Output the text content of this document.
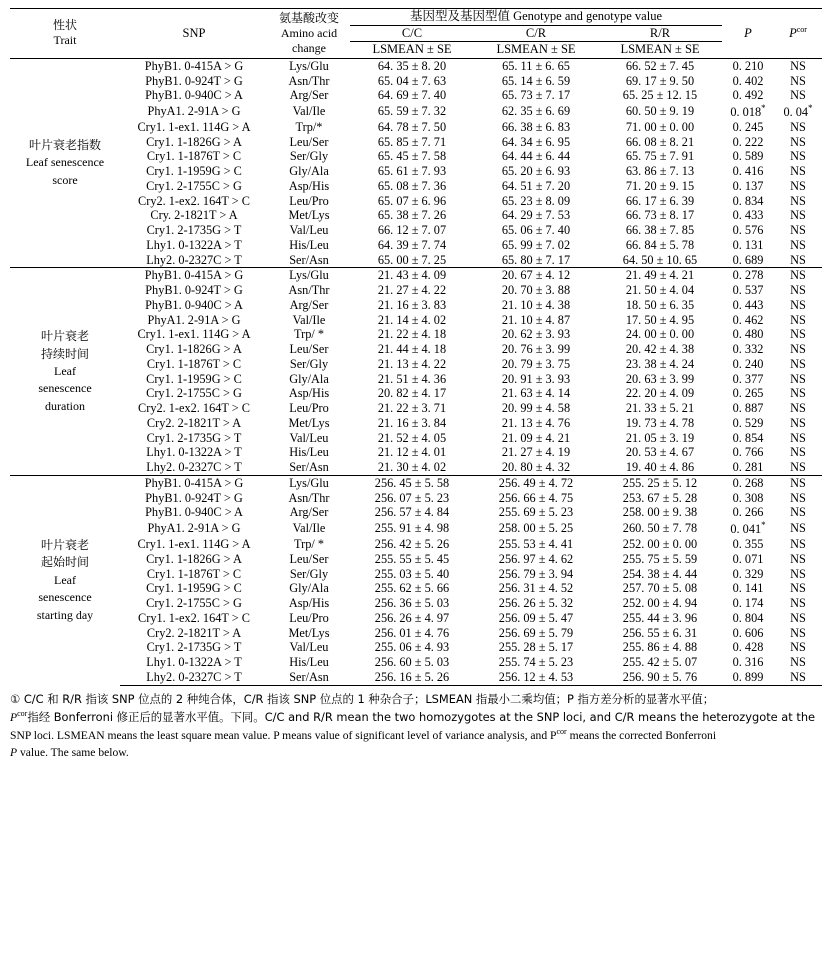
性状
Trait
	SNP	
氨基酸改变
Amino acid
change
	基因型及基因型值 Genotype and genotype value	P	$P^{cor}$
			C/C	C/R	R/R		
			LSMEAN ± SE	LSMEAN ± SE	LSMEAN ± SE		

叶片衰老指数
Leaf senescence
score	PhyB1. 0-415A > G	Lys/Glu	64. 35 ± 8. 20	65. 11 ± 6. 65	66. 52 ± 7. 45	0. 210	NS
	PhyB1. 0-924T > G	Asn/Thr	65. 04 ± 7. 63	65. 14 ± 6. 59	69. 17 ± 9. 50	0. 402	NS
	PhyB1. 0-940C > A	Arg/Ser	64. 69 ± 7. 40	65. 73 ± 7. 17	65. 25 ± 12. 15	0. 492	NS
	PhyA1. 2-91A > G	Val/Ile	65. 59 ± 7. 32	62. 35 ± 6. 69	60. 50 ± 9. 19	0. 018*	0. 04*
	Cry1. 1-ex1. 114G > A	Trp/*	64. 78 ± 7. 50	66. 38 ± 6. 83	71. 00 ± 0. 00	0. 245	NS
	Cry1. 1-1826G > A	Leu/Ser	65. 85 ± 7. 71	64. 34 ± 6. 95	66. 08 ± 8. 21	0. 222	NS
	Cry1. 1-1876T > C	Ser/Gly	65. 45 ± 7. 58	64. 44 ± 6. 44	65. 75 ± 7. 91	0. 589	NS
	Cry1. 1-1959G > C	Gly/Ala	65. 61 ± 7. 93	65. 20 ± 6. 93	63. 86 ± 7. 13	0. 416	NS
	Cry1. 2-1755C > G	Asp/His	65. 08 ± 7. 36	64. 51 ± 7. 20	71. 20 ± 9. 15	0. 137	NS
	Cry2. 1-ex2. 164T > C	Leu/Pro	65. 07 ± 6. 96	65. 23 ± 8. 09	66. 17 ± 6. 39	0. 834	NS
	Cry. 2-1821T > A	Met/Lys	65. 38 ± 7. 26	64. 29 ± 7. 53	66. 73 ± 8. 17	0. 433	NS
	Cry1. 2-1735G > T	Val/Leu	66. 12 ± 7. 07	65. 06 ± 7. 40	66. 38 ± 7. 85	0. 576	NS
	Lhy1. 0-1322A > T	His/Leu	64. 39 ± 7. 74	65. 99 ± 7. 02	66. 84 ± 5. 78	0. 131	NS
	Lhy2. 0-2327C > T	Ser/Asn	65. 00 ± 7. 25	65. 80 ± 7. 17	64. 50 ± 10. 65	0. 689	NS

叶片衰老
持续时间
Leaf
senescence
duration	PhyB1. 0-415A > G	Lys/Glu	21. 43 ± 4. 09	20. 67 ± 4. 12	21. 49 ± 4. 21	0. 278	NS
	PhyB1. 0-924T > G	Asn/Thr	21. 27 ± 4. 22	20. 70 ± 3. 88	21. 50 ± 4. 04	0. 537	NS
	PhyB1. 0-940C > A	Arg/Ser	21. 16 ± 3. 83	21. 10 ± 4. 38	18. 50 ± 6. 35	0. 443	NS
	PhyA1. 2-91A > G	Val/Ile	21. 14 ± 4. 02	21. 10 ± 4. 87	17. 50 ± 4. 95	0. 462	NS
	Cry1. 1-ex1. 114G > A	Trp/ *	21. 22 ± 4. 18	20. 62 ± 3. 93	24. 00 ± 0. 00	0. 480	NS
	Cry1. 1-1826G > A	Leu/Ser	21. 44 ± 4. 18	20. 76 ± 3. 99	20. 42 ± 4. 38	0. 332	NS
	Cry1. 1-1876T > C	Ser/Gly	21. 13 ± 4. 22	20. 79 ± 3. 75	23. 38 ± 4. 24	0. 240	NS
	Cry1. 1-1959G > C	Gly/Ala	21. 51 ± 4. 36	20. 91 ± 3. 93	20. 63 ± 3. 99	0. 377	NS
	Cry1. 2-1755C > G	Asp/His	20. 82 ± 4. 17	21. 63 ± 4. 14	22. 20 ± 4. 09	0. 265	NS
	Cry2. 1-ex2. 164T > C	Leu/Pro	21. 22 ± 3. 71	20. 99 ± 4. 58	21. 33 ± 5. 21	0. 887	NS
	Cry2. 2-1821T > A	Met/Lys	21. 16 ± 3. 84	21. 13 ± 4. 76	19. 73 ± 4. 78	0. 529	NS
	Cry1. 2-1735G > T	Val/Leu	21. 52 ± 4. 05	21. 09 ± 4. 21	21. 05 ± 3. 19	0. 854	NS
	Lhy1. 0-1322A > T	His/Leu	21. 12 ± 4. 01	21. 27 ± 4. 19	20. 53 ± 4. 67	0. 766	NS
	Lhy2. 0-2327C > T	Ser/Asn	21. 30 ± 4. 02	20. 80 ± 4. 32	19. 40 ± 4. 86	0. 281	NS

叶片衰老
起始时间
Leaf
senescence
starting day	PhyB1. 0-415A > G	Lys/Glu	256. 45 ± 5. 58	256. 49 ± 4. 72	255. 25 ± 5. 12	0. 268	NS
	PhyB1. 0-924T > G	Asn/Thr	256. 07 ± 5. 23	256. 66 ± 4. 75	253. 67 ± 5. 28	0. 308	NS
	PhyB1. 0-940C > A	Arg/Ser	256. 57 ± 4. 84	255. 69 ± 5. 23	258. 00 ± 9. 38	0. 266	NS
	PhyA1. 2-91A > G	Val/Ile	255. 91 ± 4. 98	258. 00 ± 5. 25	260. 50 ± 7. 78	0. 041*	NS
	Cry1. 1-ex1. 114G > A	Trp/ *	256. 42 ± 5. 26	255. 53 ± 4. 41	252. 00 ± 0. 00	0. 355	NS
	Cry1. 1-1826G > A	Leu/Ser	255. 55 ± 5. 45	256. 97 ± 4. 62	255. 75 ± 5. 59	0. 071	NS
	Cry1. 1-1876T > C	Ser/Gly	255. 03 ± 5. 40	256. 79 ± 3. 94	254. 38 ± 4. 44	0. 329	NS
	Cry1. 1-1959G > C	Gly/Ala	255. 62 ± 5. 66	256. 31 ± 4. 52	257. 70 ± 5. 08	0. 141	NS
	Cry1. 2-1755C > G	Asp/His	256. 36 ± 5. 03	256. 26 ± 5. 32	252. 00 ± 4. 94	0. 174	NS
	Cry1. 1-ex2. 164T > C	Leu/Pro	256. 26 ± 4. 97	256. 09 ± 5. 47	255. 44 ± 3. 96	0. 804	NS
	Cry2. 2-1821T > A	Met/Lys	256. 01 ± 4. 76	256. 69 ± 5. 79	256. 55 ± 6. 31	0. 606	NS
	Cry1. 2-1735G > T	Val/Leu	255. 06 ± 4. 93	255. 28 ± 5. 17	255. 86 ± 4. 88	0. 428	NS
	Lhy1. 0-1322A > T	His/Leu	256. 60 ± 5. 03	255. 74 ± 5. 23	255. 42 ± 5. 07	0. 316	NS
	Lhy2. 0-2327C > T	Ser/Asn	256. 16 ± 5. 26	256. 12 ± 4. 53	256. 90 ± 5. 76	0. 899	NS

① C/C 和 R/R 指该 SNP 位点的 2 种纯合体，C/R 指该 SNP 位点的 1 种杂合子；LSMEAN 指最小二乘均值；P 指方差分析的显著水平值；

$P^{cor}$指经 Bonferroni 修正后的显著水平值。下同。C/C and R/R mean the two homozygotes at the SNP loci, and C/R means the heterozygote at the

SNP loci. LSMEAN means the least square mean value. P means value of significant level of variance analysis, and $P^{cor}$ means the corrected Bonferroni

P value. The same below.
